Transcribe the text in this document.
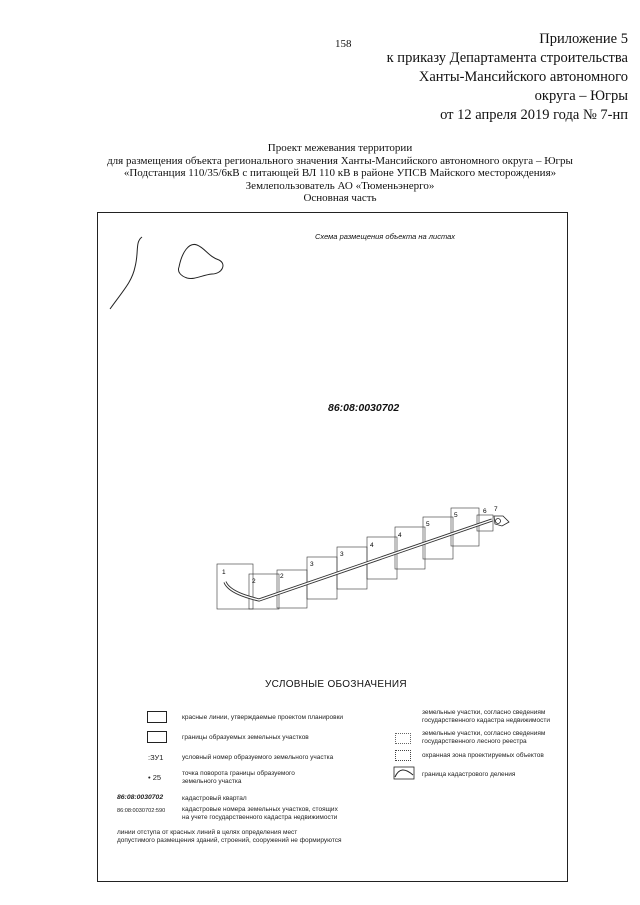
158	Приложение 5
к приказу Департамента строительства
Ханты-Мансийского автономного
округа – Югры
от 12 апреля 2019 года № 7-нп
Проект межевания территории
для размещения объекта регионального значения Ханты-Мансийского автономного округа – Югры
«Подстанция 110/35/6кВ с питающей ВЛ 110 кВ в районе УПСВ Майского месторождения»
Землепользователь АО «Тюменьэнерго»
Основная часть
Схема размещения объекта на листах
86:08:0030702
1
2
2
3
3
4
4
5
5
6 7
УСЛОВНЫЕ ОБОЗНАЧЕНИЯ
красные линии, утверждаемые проектом планировки
границы образуемых земельных участков
:ЗУ1	условный номер образуемого земельного участка
• 25	точка поворота границы образуемого
земельного участка
86:08:0030702	кадастровый квартал
86:08:0030702:590	кадастровые номера земельных участков, стоящих
на учете государственного кадастра недвижимости
линии отступа от красных линий в целях определения мест
допустимого размещения зданий, строений, сооружений не формируются
земельные участки, согласно сведениям
государственного кадастра недвижимости
земельные участки, согласно сведениям
государственного лесного реестра
охранная зона проектируемых объектов
граница кадастрового деления
